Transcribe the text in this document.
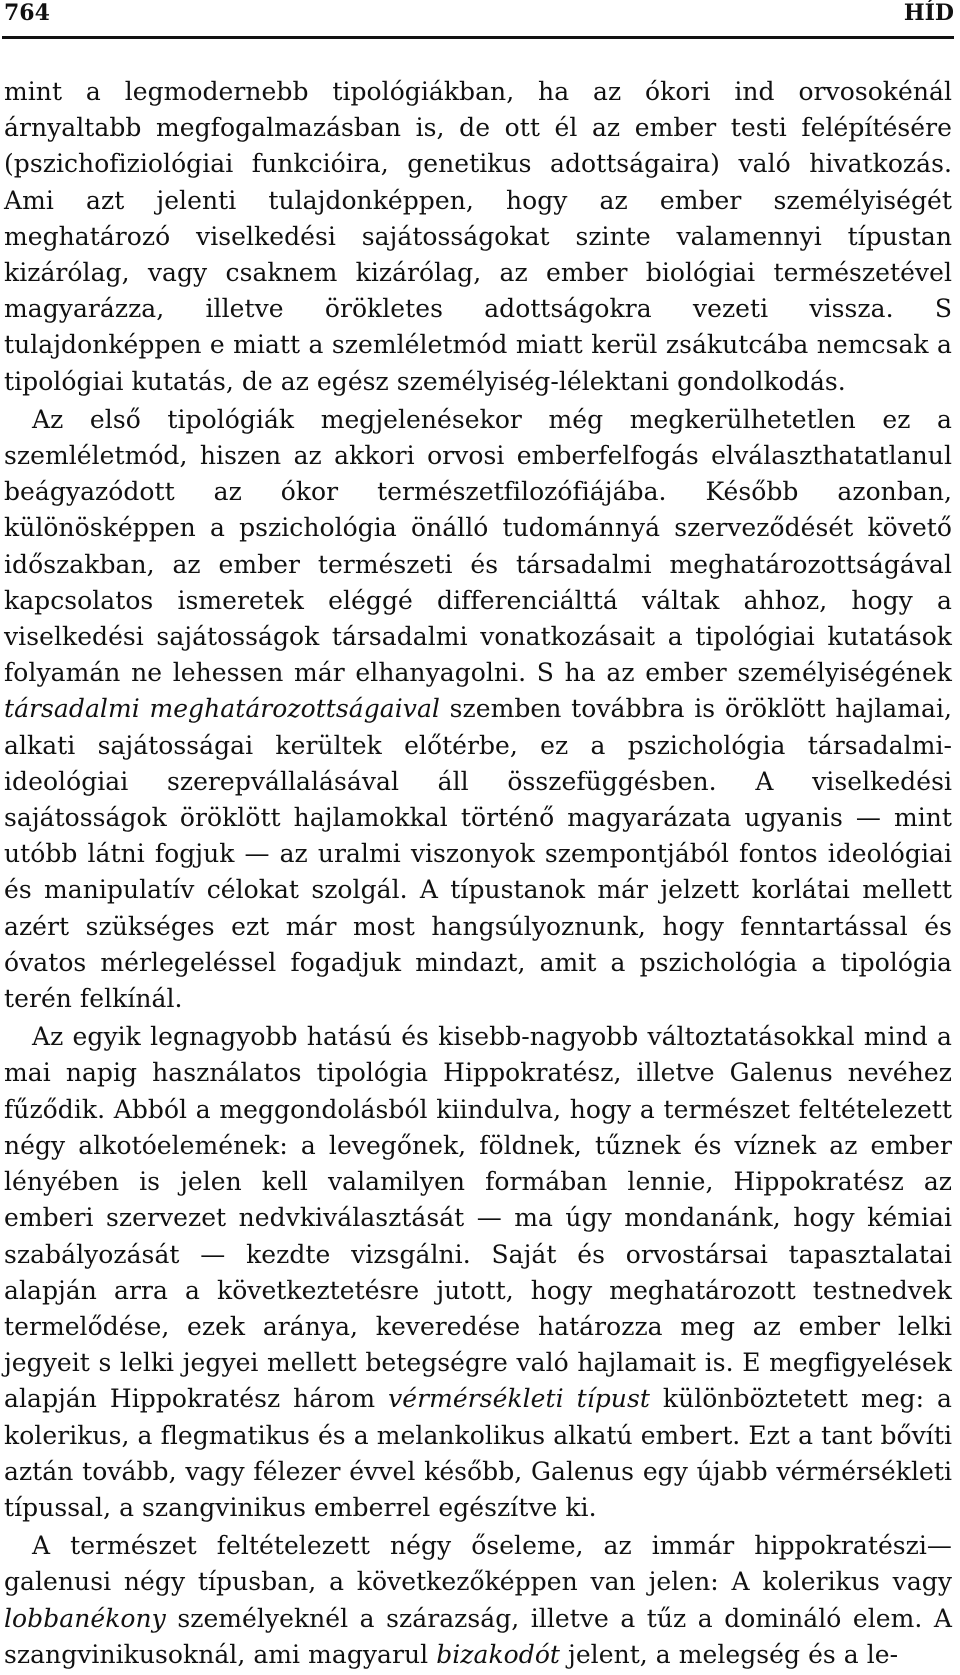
764	HÍD

mint a legmodernebb tipológiákban, ha az ókori ind orvosokénál árnyaltabb megfogalmazásban is, de ott él az ember testi felépítésére (pszichofiziológiai funkcióira, genetikus adottságaira) való hivatkozás. Ami azt jelenti tulajdonképpen, hogy az ember személyiségét meghatározó viselkedési sajátosságokat szinte valamennyi típustan kizárólag, vagy csaknem kizárólag, az ember biológiai természetével magyarázza, illetve örökletes adottságokra vezeti vissza. S tulajdonképpen e miatt a szemléletmód miatt kerül zsákutcába nemcsak a tipológiai kutatás, de az egész személyiség-lélektani gondolkodás.

Az első tipológiák megjelenésekor még megkerülhetetlen ez a szemléletmód, hiszen az akkori orvosi emberfelfogás elválaszthatatlanul beágyazódott az ókor természetfilozófiájába. Később azonban, különösképpen a pszichológia önálló tudománnyá szerveződését követő időszakban, az ember természeti és társadalmi meghatározottságával kapcsolatos ismeretek eléggé differenciálttá váltak ahhoz, hogy a viselkedési sajátosságok társadalmi vonatkozásait a tipológiai kutatások folyamán ne lehessen már elhanyagolni. S ha az ember személyiségének társadalmi meghatározottságaival szemben továbbra is öröklött hajlamai, alkati sajátosságai kerültek előtérbe, ez a pszichológia társadalmi-ideológiai szerepvállalásával áll összefüggésben. A viselkedési sajátosságok öröklött hajlamokkal történő magyarázata ugyanis — mint utóbb látni fogjuk — az uralmi viszonyok szempontjából fontos ideológiai és manipulatív célokat szolgál. A típustanok már jelzett korlátai mellett azért szükséges ezt már most hangsúlyoznunk, hogy fenntartással és óvatos mérlegeléssel fogadjuk mindazt, amit a pszichológia a tipológia terén felkínál.

Az egyik legnagyobb hatású és kisebb-nagyobb változtatásokkal mind a mai napig használatos tipológia Hippokratész, illetve Galenus nevéhez fűződik. Abból a meggondolásból kiindulva, hogy a természet feltételezett négy alkotóelemének: a levegőnek, földnek, tűznek és víznek az ember lényében is jelen kell valamilyen formában lennie, Hippokratész az emberi szervezet nedvkiválasztását — ma úgy mondanánk, hogy kémiai szabályozását — kezdte vizsgálni. Saját és orvostársai tapasztalatai alapján arra a következtetésre jutott, hogy meghatározott testnedvek termelődése, ezek aránya, keveredése határozza meg az ember lelki jegyeit s lelki jegyei mellett betegségre való hajlamait is. E megfigyelések alapján Hippokratész három vérmérsékleti típust különböztetett meg: a kolerikus, a flegmatikus és a melankolikus alkatú embert. Ezt a tant bővíti aztán tovább, vagy félezer évvel később, Galenus egy újabb vérmérsékleti típussal, a szangvinikus emberrel egészítve ki.

A természet feltételezett négy őseleme, az immár hippokratészi—galenusi négy típusban, a következőképpen van jelen: A kolerikus vagy lobbanékony személyeknél a szárazság, illetve a tűz a domináló elem. A szangvinikusoknál, ami magyarul bizakodót jelent, a melegség és a le-
